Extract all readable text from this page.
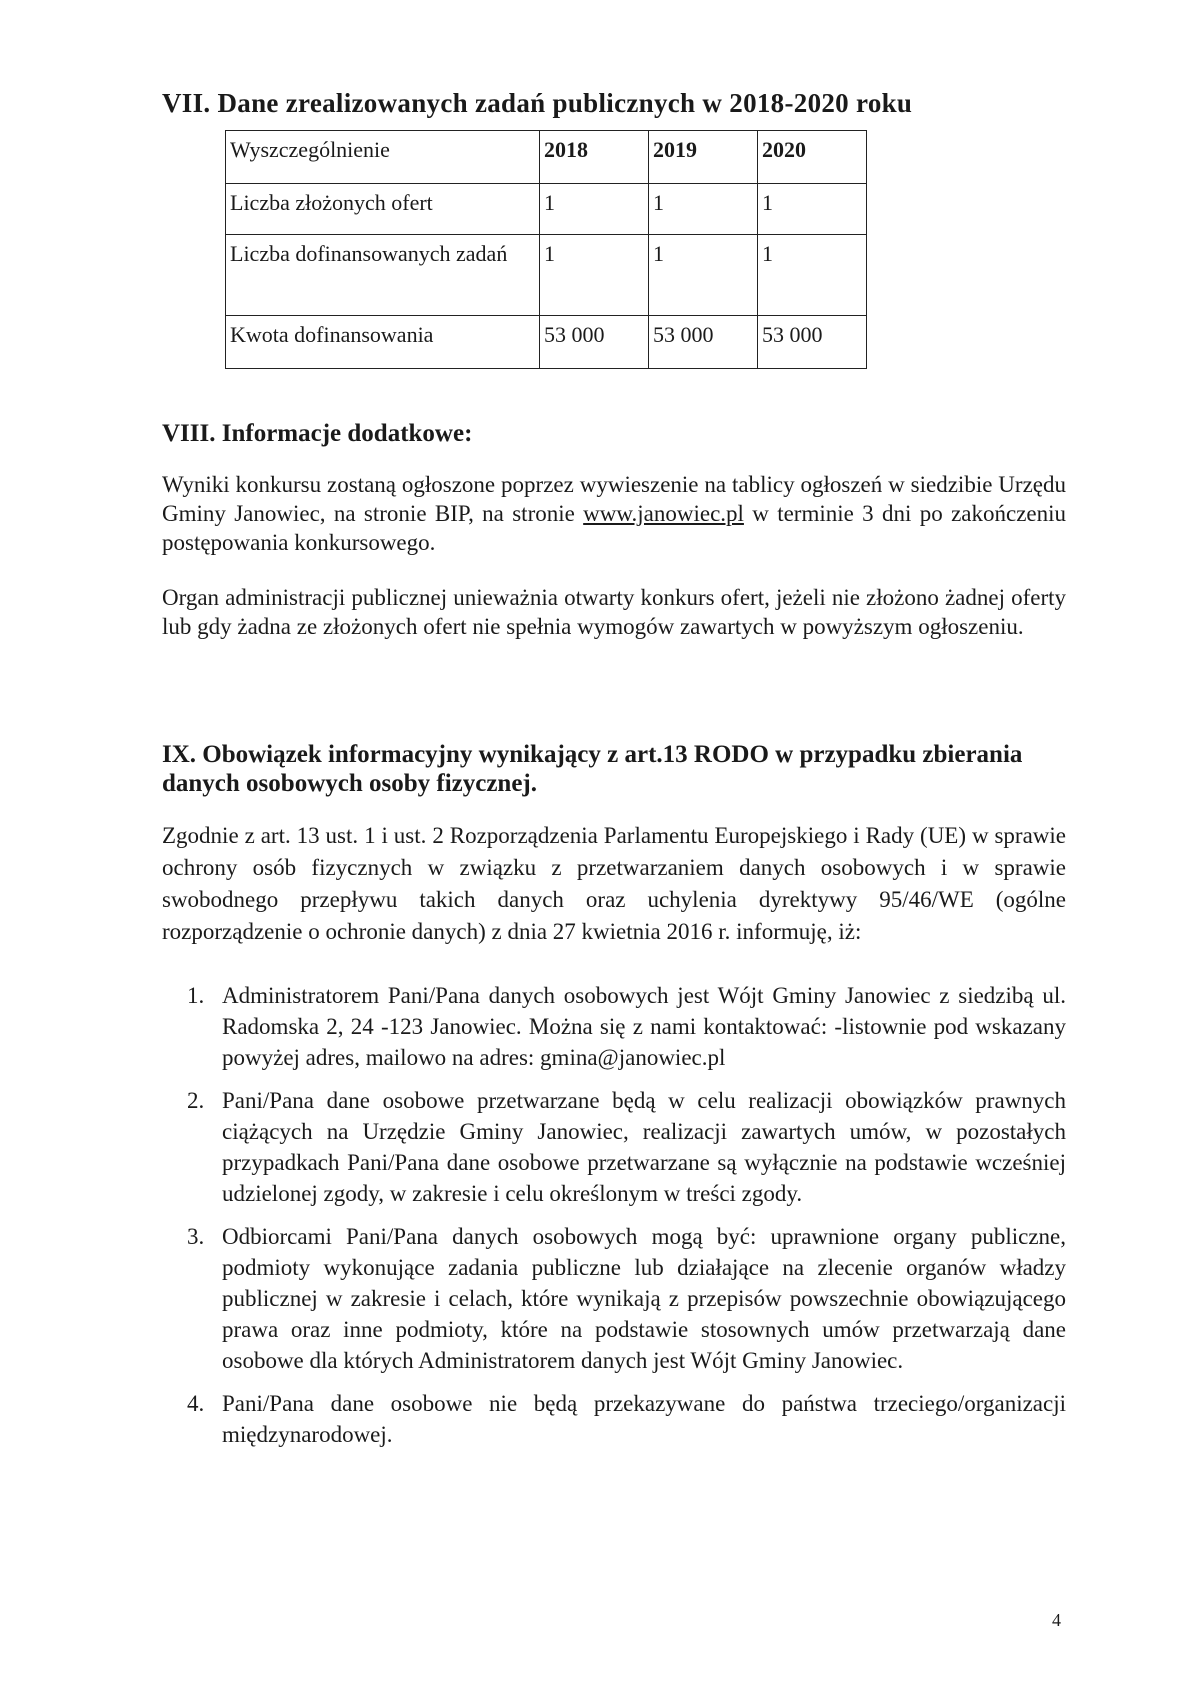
VII. Dane zrealizowanych zadań publicznych w 2018-2020 roku
Wyszczególnienie	2018	2019	2020
Liczba złożonych ofert	1	1	1
Liczba dofinansowanych zadań	1	1	1
Kwota dofinansowania	53 000	53 000	53 000
VIII. Informacje dodatkowe:

Wyniki konkursu zostaną ogłoszone poprzez wywieszenie na tablicy ogłoszeń w siedzibie Urzędu Gminy Janowiec, na stronie BIP, na stronie www.janowiec.pl w terminie 3 dni po zakończeniu postępowania konkursowego.

Organ administracji publicznej unieważnia otwarty konkurs ofert, jeżeli nie złożono żadnej oferty lub gdy żadna ze złożonych ofert nie spełnia wymogów zawartych w powyższym ogłoszeniu.

IX. Obowiązek informacyjny wynikający z art.13 RODO w przypadku zbierania danych osobowych osoby fizycznej.

Zgodnie z art. 13 ust. 1 i ust. 2 Rozporządzenia Parlamentu Europejskiego i Rady (UE) w sprawie ochrony osób fizycznych w związku z przetwarzaniem danych osobowych i w sprawie swobodnego przepływu takich danych oraz uchylenia dyrektywy 95/46/WE (ogólne rozporządzenie o ochronie danych) z dnia 27 kwietnia 2016 r. informuję, iż:

1. Administratorem Pani/Pana danych osobowych jest Wójt Gminy Janowiec z siedzibą ul. Radomska 2, 24 -123 Janowiec. Można się z nami kontaktować: -listownie pod wskazany powyżej adres, mailowo na adres: gmina@janowiec.pl
2. Pani/Pana dane osobowe przetwarzane będą w celu realizacji obowiązków prawnych ciążących na Urzędzie Gminy Janowiec, realizacji zawartych umów, w pozostałych przypadkach Pani/Pana dane osobowe przetwarzane są wyłącznie na podstawie wcześniej udzielonej zgody, w zakresie i celu określonym w treści zgody.
3. Odbiorcami Pani/Pana danych osobowych mogą być: uprawnione organy publiczne, podmioty wykonujące zadania publiczne lub działające na zlecenie organów władzy publicznej w zakresie i celach, które wynikają z przepisów powszechnie obowiązującego prawa oraz inne podmioty, które na podstawie stosownych umów przetwarzają dane osobowe dla których Administratorem danych jest Wójt Gminy Janowiec.
4. Pani/Pana dane osobowe nie będą przekazywane do państwa trzeciego/organizacji międzynarodowej.
4
